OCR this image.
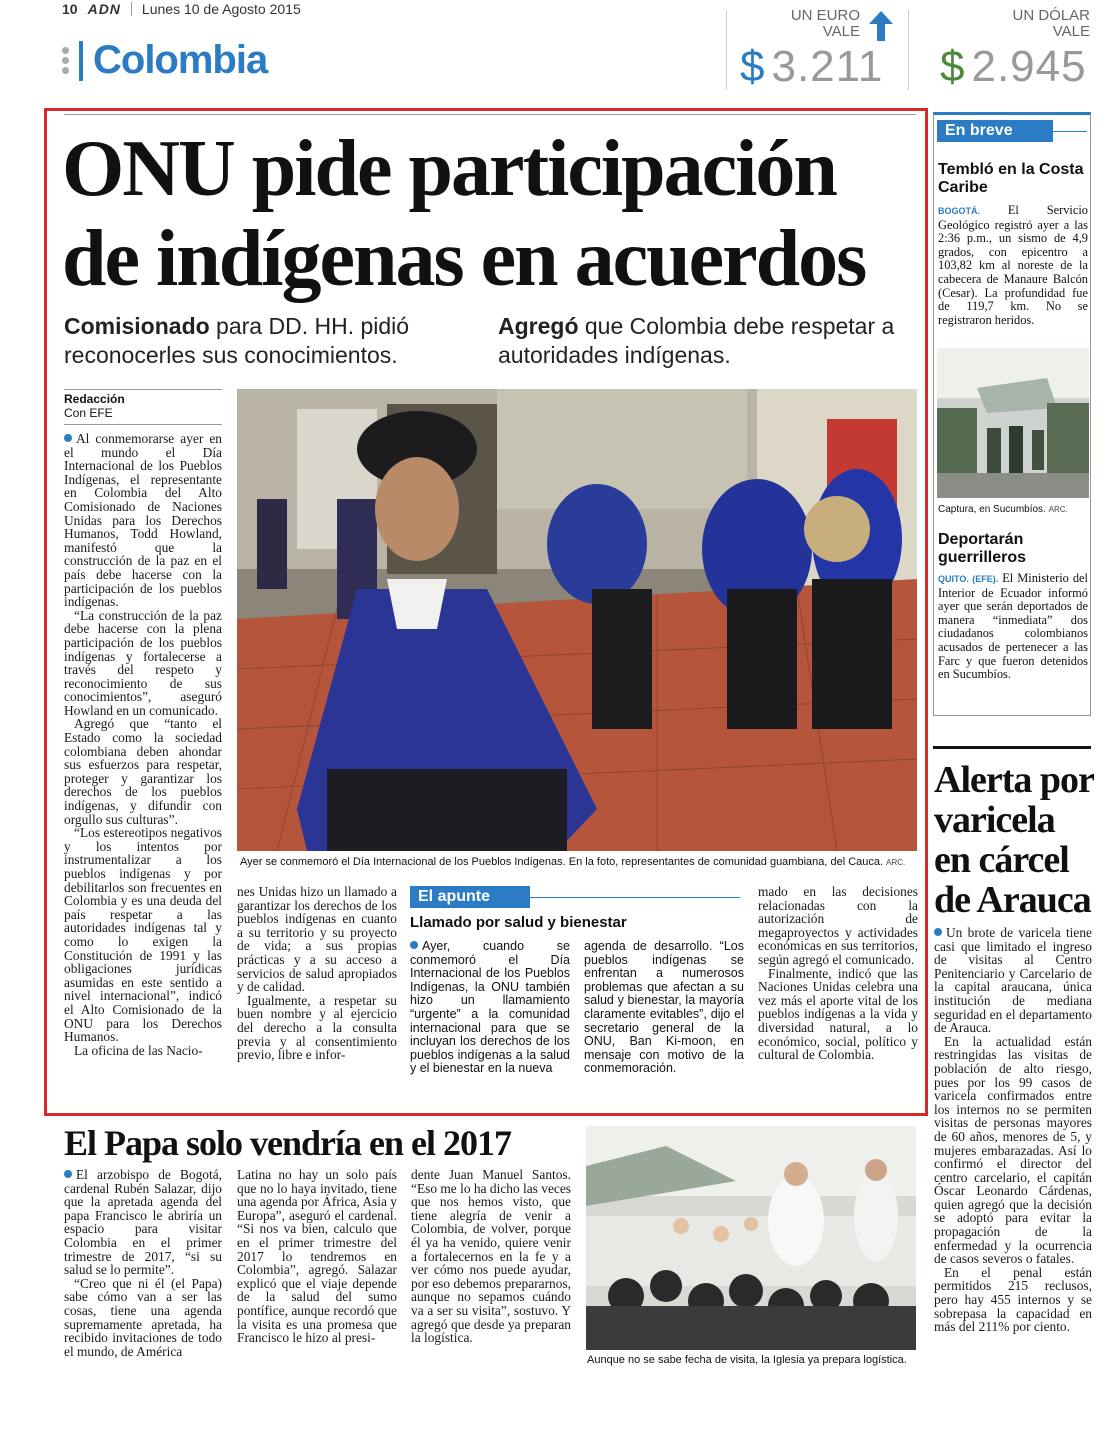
10 ADN Lunes 10 de Agosto 2015
Colombia
UN EURO
VALE
$ 3.211
UN DÓLAR
VALE
$ 2.945
ONU pide participación
de indígenas en acuerdos
Comisionado para DD. HH. pidió reconocerles sus conocimientos.
Agregó que Colombia debe respetar a autoridades indígenas.
Redacción
Con EFE

Al conmemorarse ayer en el mundo el Día Internacional de los Pueblos Indígenas, el representante en Colombia del Alto Comisionado de Naciones Unidas para los Derechos Humanos, Todd Howland, manifestó que la construcción de la paz en el país debe hacerse con la participación de los pueblos indígenas.

“La construcción de la paz debe hacerse con la plena participación de los pueblos indígenas y fortalecerse a través del respeto y reconocimiento de sus conocimientos”, aseguró Howland en un comunicado.

Agregó que “tanto el Estado como la sociedad colombiana deben ahondar sus esfuerzos para respetar, proteger y garantizar los derechos de los pueblos indígenas, y difundir con orgullo sus culturas”.

“Los estereotipos negativos y los intentos por instrumentalizar a los pueblos indígenas y por debilitarlos son frecuentes en Colombia y es una deuda del país respetar a las autoridades indígenas tal y como lo exigen la Constitución de 1991 y las obligaciones jurídicas asumidas en este sentido a nivel internacional”, indicó el Alto Comisionado de la ONU para los Derechos Humanos.

La oficina de las Nacio-

Ayer se conmemoró el Día Internacional de los Pueblos Indígenas. En la foto, representantes de comunidad guambiana, del Cauca. ARC.

nes Unidas hizo un llamado a garantizar los derechos de los pueblos indígenas en cuanto a su territorio y su proyecto de vida; a sus propias prácticas y a su acceso a servicios de salud apropiados y de calidad.

Igualmente, a respetar su buen nombre y al ejercicio del derecho a la consulta previa y al consentimiento previo, libre e infor-

El apunte
Llamado por salud y bienestar
Ayer, cuando se conmemoró el Día Internacional de los Pueblos Indígenas, la ONU también hizo un llamamiento “urgente” a la comunidad internacional para que se incluyan los derechos de los pueblos indígenas a la salud y el bienestar en la nueva
agenda de desarrollo. “Los pueblos indígenas se enfrentan a numerosos problemas que afectan a su salud y bienestar, la mayoría claramente evitables”, dijo el secretario general de la ONU, Ban Ki-moon, en mensaje con motivo de la conmemoración.

mado en las decisiones relacionadas con la autorización de megaproyectos y actividades económicas en sus territorios, según agregó el comunicado.

Finalmente, indicó que las Naciones Unidas celebra una vez más el aporte vital de los pueblos indígenas a la vida y diversidad natural, a lo económico, social, político y cultural de Colombia.

En breve
Tembló en la Costa Caribe
BOGOTÁ. El Servicio Geológico registró ayer a las 2:36 p.m., un sismo de 4,9 grados, con epicentro a 103,82 km al noreste de la cabecera de Manaure Balcón (Cesar). La profundidad fue de 119,7 km. No se registraron heridos.
Captura, en Sucumbíos. ARC.
Deportarán guerrilleros
QUITO. (EFE). El Ministerio del Interior de Ecuador informó ayer que serán deportados de manera “inmediata” dos ciudadanos colombianos acusados de pertenecer a las Farc y que fueron detenidos en Sucumbíos.
Alerta por varicela en cárcel de Arauca

Un brote de varicela tiene casi que limitado el ingreso de visitas al Centro Penitenciario y Carcelario de la capital araucana, única institución de mediana seguridad en el departamento de Arauca.

En la actualidad están restringidas las visitas de población de alto riesgo, pues por los 99 casos de varicela confirmados entre los internos no se permiten visitas de personas mayores de 60 años, menores de 5, y mujeres embarazadas. Así lo confirmó el director del centro carcelario, el capitán Óscar Leonardo Cárdenas, quien agregó que la decisión se adoptó para evitar la propagación de la enfermedad y la ocurrencia de casos severos o fatales.

En el penal están permitidos 215 reclusos, pero hay 455 internos y se sobrepasa la capacidad en más del 211% por ciento.

El Papa solo vendría en el 2017

El arzobispo de Bogotá, cardenal Rubén Salazar, dijo que la apretada agenda del papa Francisco le abriría un espacio para visitar Colombia en el primer trimestre de 2017, “si su salud se lo permite”.

“Creo que ni él (el Papa) sabe cómo van a ser las cosas, tiene una agenda supremamente apretada, ha recibido invitaciones de todo el mundo, de América

Latina no hay un solo país que no lo haya invitado, tiene una agenda por África, Asia y Europa”, aseguró el cardenal. “Si nos va bien, calculo que en el primer trimestre del 2017 lo tendremos en Colombia”, agregó. Salazar explicó que el viaje depende de la salud del sumo pontífice, aunque recordó que la visita es una promesa que Francisco le hizo al presi-
dente Juan Manuel Santos. “Eso me lo ha dicho las veces que nos hemos visto, que tiene alegría de venir a Colombia, de volver, porque él ya ha venido, quiere venir a fortalecernos en la fe y a ver cómo nos puede ayudar, por eso debemos prepararnos, aunque no sepamos cuándo va a ser su visita”, sostuvo. Y agregó que desde ya preparan la logística.
Aunque no se sabe fecha de visita, la Iglesia ya prepara logística.
